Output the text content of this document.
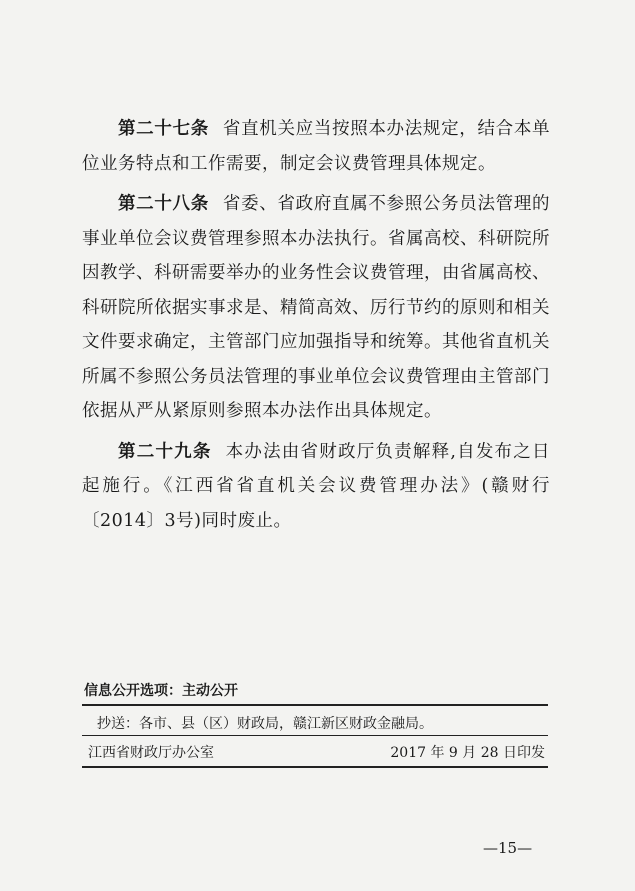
第二十七条 省直机关应当按照本办法规定，结合本单位业务特点和工作需要，制定会议费管理具体规定。

第二十八条 省委、省政府直属不参照公务员法管理的事业单位会议费管理参照本办法执行。省属高校、科研院所因教学、科研需要举办的业务性会议费管理，由省属高校、科研院所依据实事求是、精简高效、厉行节约的原则和相关文件要求确定，主管部门应加强指导和统筹。其他省直机关所属不参照公务员法管理的事业单位会议费管理由主管部门依据从严从紧原则参照本办法作出具体规定。

第二十九条 本办法由省财政厅负责解释,自发布之日起施行。《江西省省直机关会议费管理办法》(赣财行〔2014〕3号)同时废止。

信息公开选项：主动公开
抄送：各市、县（区）财政局，赣江新区财政金融局。
江西省财政厅办公室	2017 年 9 月 28 日印发
—15—
